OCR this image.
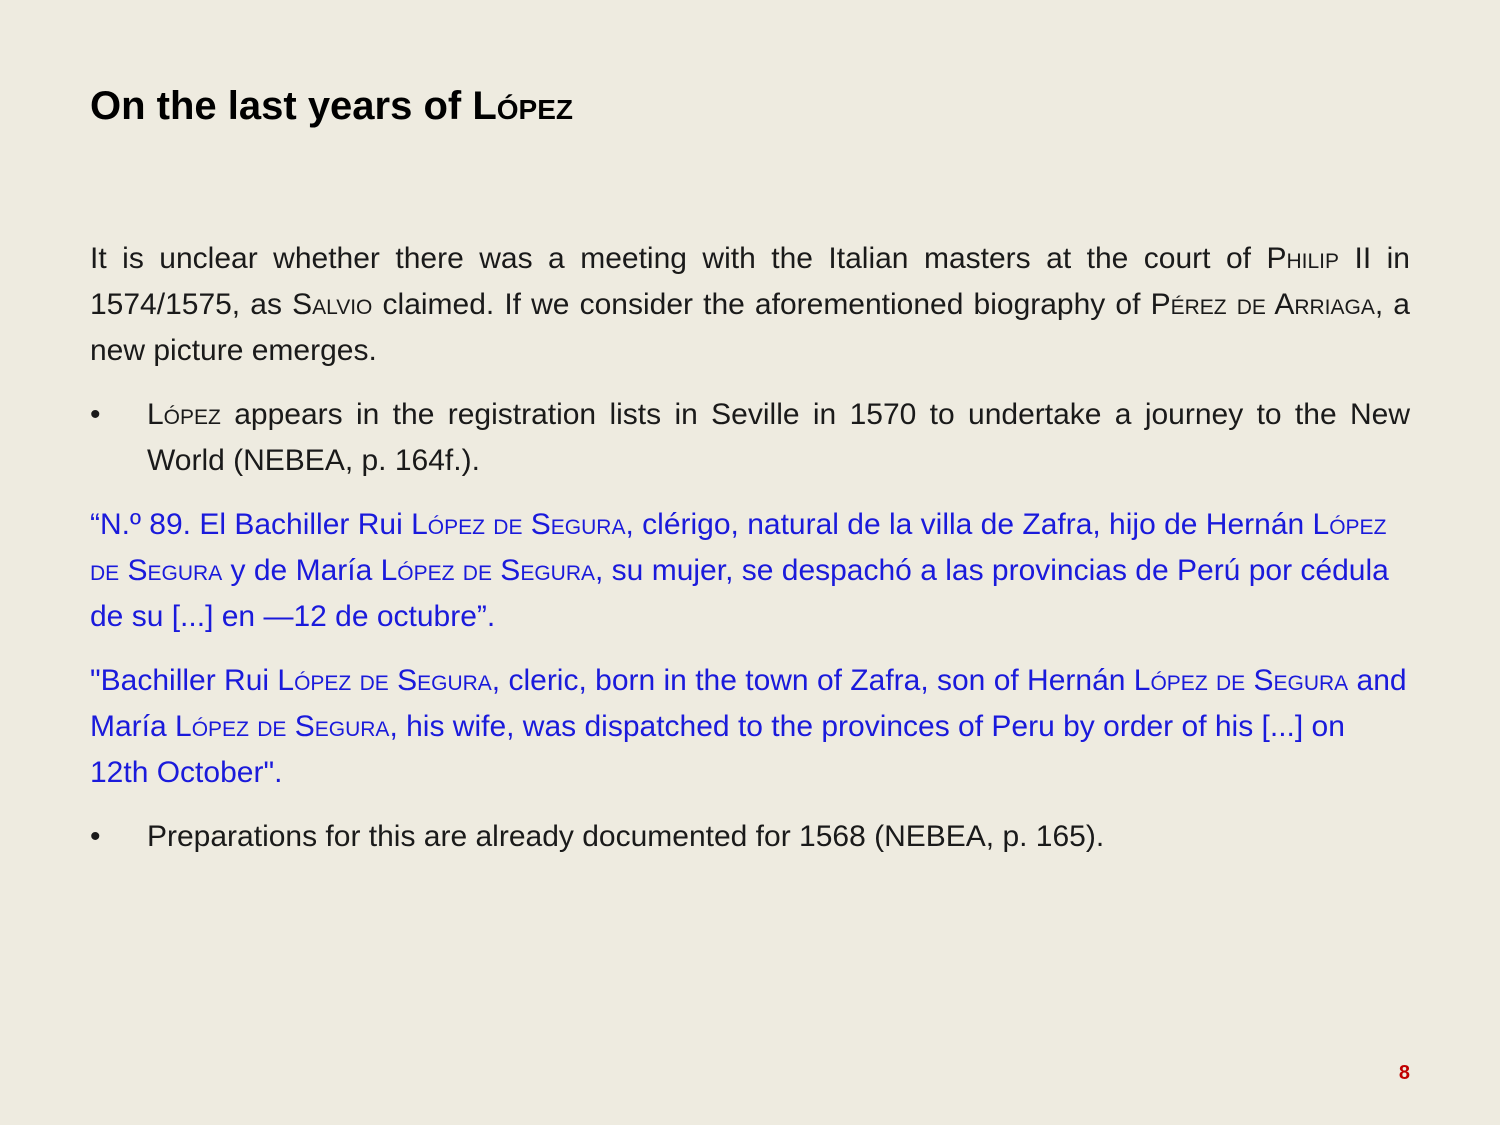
On the last years of López

It is unclear whether there was a meeting with the Italian masters at the court of Philip II in 1574/1575, as Salvio claimed. If we consider the aforementioned biography of Pérez de Arriaga, a new picture emerges.

•	López appears in the registration lists in Seville in 1570 to undertake a journey to the New World (NEBEA, p. 164f.).

“N.º 89. El Bachiller Rui López de Segura, clérigo, natural de la villa de Zafra, hijo de Hernán López de Segura y de María López de Segura, su mujer, se despachó a las provincias de Perú por cédula de su [...] en —12 de octubre”.

"Bachiller Rui López de Segura, cleric, born in the town of Zafra, son of Hernán López de Segura and María López de Segura, his wife, was dispatched to the provinces of Peru by order of his [...] on 12th October".

•	Preparations for this are already documented for 1568 (NEBEA, p. 165).

8
